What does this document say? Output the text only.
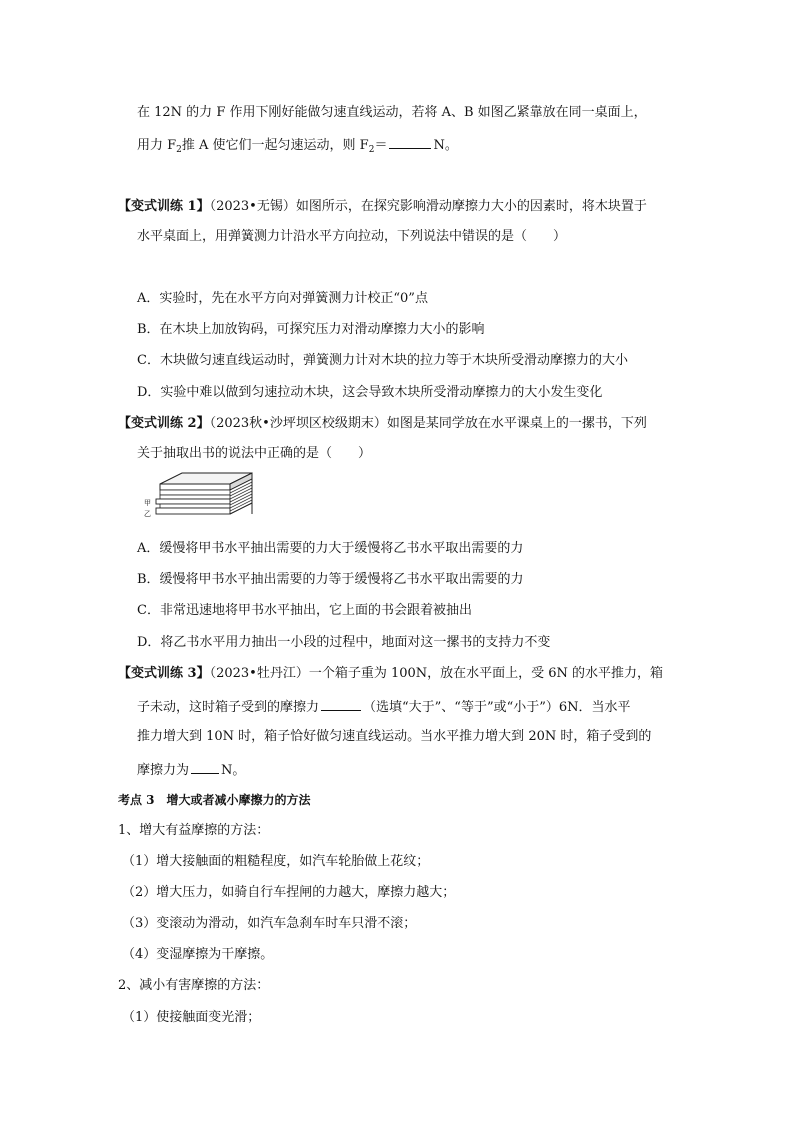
在 12N 的力 F 作用下刚好能做匀速直线运动，若将 A、B 如图乙紧靠放在同一桌面上，
用力 $F_2$推 A 使它们一起匀速运动，则 $F_2=$	N。
【变式训练 1】（2023•无锡）如图所示，在探究影响滑动摩擦力大小的因素时，将木块置于
水平桌面上，用弹簧测力计沿水平方向拉动，下列说法中错误的是（　　）
A．实验时，先在水平方向对弹簧测力计校正“0”点
B．在木块上加放钩码，可探究压力对滑动摩擦力大小的影响
C．木块做匀速直线运动时，弹簧测力计对木块的拉力等于木块所受滑动摩擦力的大小
D．实验中难以做到匀速拉动木块，这会导致木块所受滑动摩擦力的大小发生变化
【变式训练 2】（2023秋•沙坪坝区校级期末）如图是某同学放在水平课桌上的一摞书，下列
关于抽取出书的说法中正确的是（　　）
甲
乙
A．缓慢将甲书水平抽出需要的力大于缓慢将乙书水平取出需要的力
B．缓慢将甲书水平抽出需要的力等于缓慢将乙书水平取出需要的力
C．非常迅速地将甲书水平抽出，它上面的书会跟着被抽出
D．将乙书水平用力抽出一小段的过程中，地面对这一摞书的支持力不变
【变式训练 3】（2023•牡丹江）一个箱子重为 100N，放在水平面上，受 6N 的水平推力，箱
子未动，这时箱子受到的摩擦力	（选填“大于”、“等于”或“小于”）6N．当水平
推力增大到 10N 时，箱子恰好做匀速直线运动。当水平推力增大到 20N 时，箱子受到的
摩擦力为 N。
考点 3　增大或者减小摩擦力的方法
1、增大有益摩擦的方法：
（1）增大接触面的粗糙程度，如汽车轮胎做上花纹；
（2）增大压力，如骑自行车捏闸的力越大，摩擦力越大；
（3）变滚动为滑动，如汽车急刹车时车只滑不滚；
（4）变湿摩擦为干摩擦。
2、减小有害摩擦的方法：
（1）使接触面变光滑；
